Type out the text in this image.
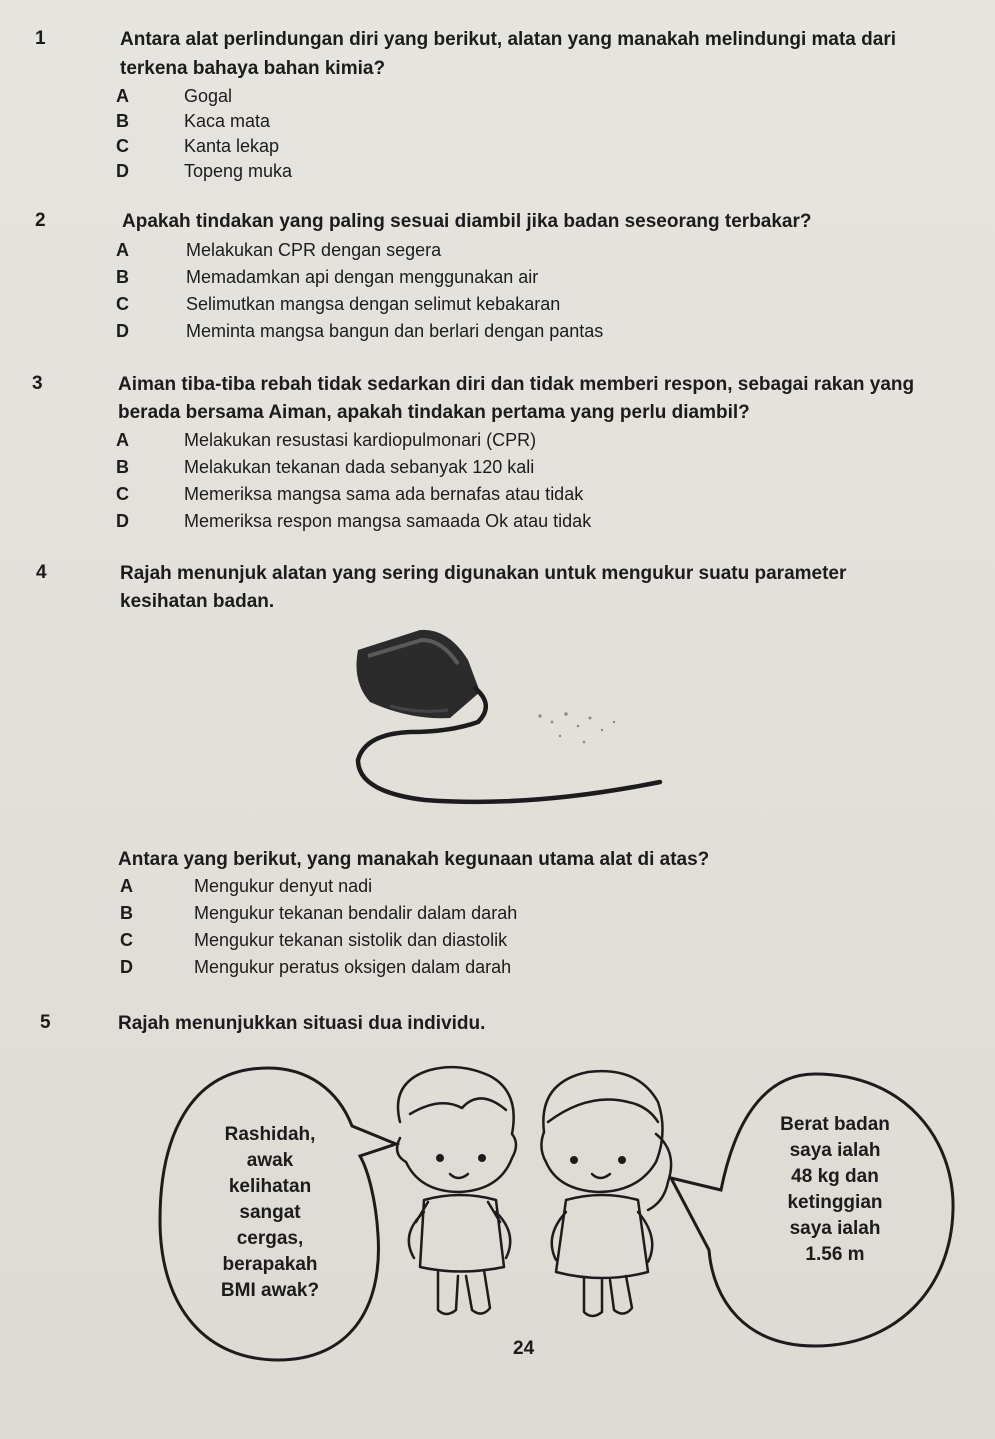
1	Antara alat perlindungan diri yang berikut, alatan yang manakah melindungi mata dari
terkena bahaya bahan kimia?
A	Gogal
B	Kaca mata
C	Kanta lekap
D	Topeng muka
2	Apakah tindakan yang paling sesuai diambil jika badan seseorang terbakar?
A	Melakukan CPR dengan segera
B	Memadamkan api dengan menggunakan air
C	Selimutkan mangsa dengan selimut kebakaran
D	Meminta mangsa bangun dan berlari dengan pantas
3	Aiman tiba-tiba rebah tidak sedarkan diri dan tidak memberi respon, sebagai rakan yang
berada bersama Aiman, apakah tindakan pertama yang perlu diambil?
A	Melakukan resustasi kardiopulmonari (CPR)
B	Melakukan tekanan dada sebanyak 120 kali
C	Memeriksa mangsa sama ada bernafas atau tidak
D	Memeriksa respon mangsa samaada Ok atau tidak
4	Rajah menunjuk alatan yang sering digunakan untuk mengukur suatu parameter
kesihatan badan.
Antara yang berikut, yang manakah kegunaan utama alat di atas?
A	Mengukur denyut nadi
B	Mengukur tekanan bendalir dalam darah
C	Mengukur tekanan sistolik dan diastolik
D	Mengukur peratus oksigen dalam darah
5	Rajah menunjukkan situasi dua individu.
Rashidah,
awak
kelihatan
sangat
cergas,
berapakah
BMI awak?
Berat badan
saya ialah
48 kg dan
ketinggian
saya ialah
1.56 m
24
